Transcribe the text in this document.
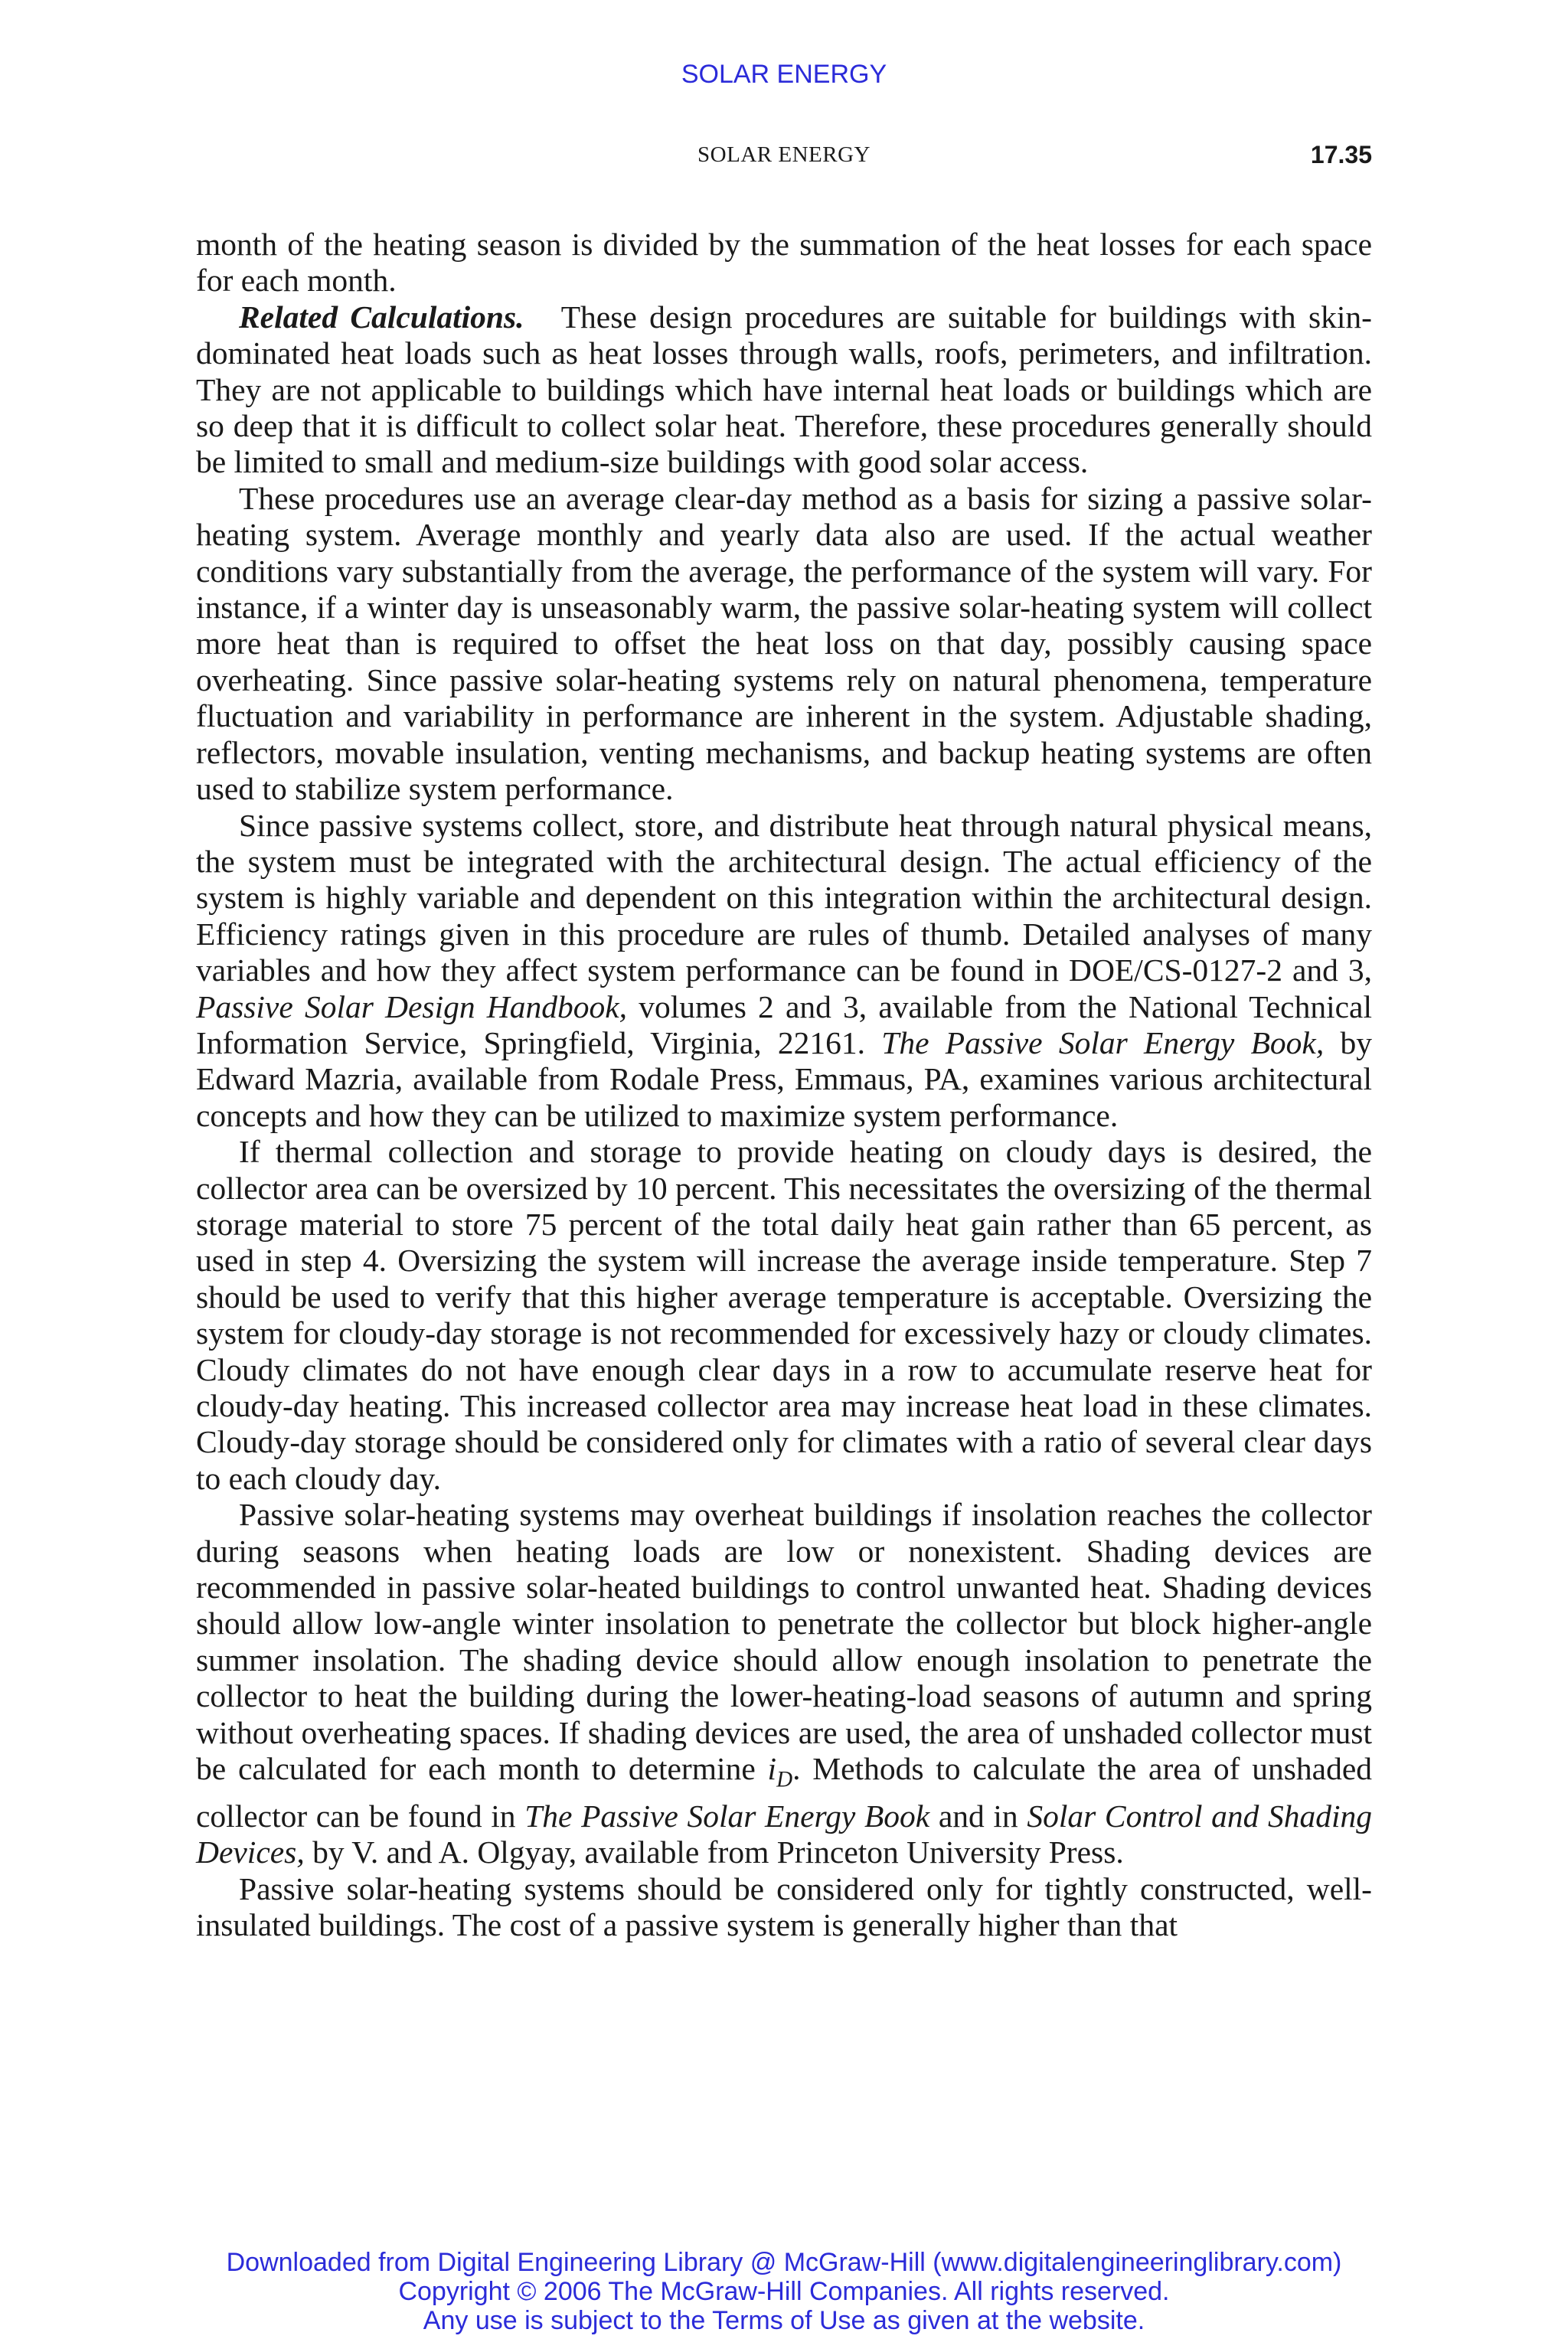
SOLAR ENERGY
SOLAR ENERGY	17.35

month of the heating season is divided by the summation of the heat losses for each space for each month.

Related Calculations. These design procedures are suitable for buildings with skin-dominated heat loads such as heat losses through walls, roofs, perimeters, and infiltration. They are not applicable to buildings which have internal heat loads or buildings which are so deep that it is difficult to collect solar heat. Therefore, these procedures generally should be limited to small and medium-size buildings with good solar access.

These procedures use an average clear-day method as a basis for sizing a passive solar-heating system. Average monthly and yearly data also are used. If the actual weather conditions vary substantially from the average, the performance of the system will vary. For instance, if a winter day is unseasonably warm, the passive solar-heating system will collect more heat than is required to offset the heat loss on that day, possibly causing space overheating. Since passive solar-heating systems rely on natural phenomena, temperature fluctuation and variability in performance are inherent in the system. Adjustable shading, reflectors, movable insulation, venting mechanisms, and backup heating systems are often used to stabilize system performance.

Since passive systems collect, store, and distribute heat through natural physical means, the system must be integrated with the architectural design. The actual efficiency of the system is highly variable and dependent on this integration within the architectural design. Efficiency ratings given in this procedure are rules of thumb. Detailed analyses of many variables and how they affect system performance can be found in DOE/CS-0127-2 and 3, Passive Solar Design Handbook, volumes 2 and 3, available from the National Technical Information Service, Springfield, Virginia, 22161. The Passive Solar Energy Book, by Edward Mazria, available from Rodale Press, Emmaus, PA, examines various architectural concepts and how they can be utilized to maximize system performance.

If thermal collection and storage to provide heating on cloudy days is desired, the collector area can be oversized by 10 percent. This necessitates the oversizing of the thermal storage material to store 75 percent of the total daily heat gain rather than 65 percent, as used in step 4. Oversizing the system will increase the average inside temperature. Step 7 should be used to verify that this higher average temperature is acceptable. Oversizing the system for cloudy-day storage is not recommended for excessively hazy or cloudy climates. Cloudy climates do not have enough clear days in a row to accumulate reserve heat for cloudy-day heating. This increased collector area may increase heat load in these climates. Cloudy-day storage should be considered only for climates with a ratio of several clear days to each cloudy day.

Passive solar-heating systems may overheat buildings if insolation reaches the collector during seasons when heating loads are low or nonexistent. Shading devices are recommended in passive solar-heated buildings to control unwanted heat. Shading devices should allow low-angle winter insolation to penetrate the collector but block higher-angle summer insolation. The shading device should allow enough insolation to penetrate the collector to heat the building during the lower-heating-load seasons of autumn and spring without overheating spaces. If shading devices are used, the area of unshaded collector must be calculated for each month to determine $i_D$. Methods to calculate the area of unshaded collector can be found in The Passive Solar Energy Book and in Solar Control and Shading Devices, by V. and A. Olgyay, available from Princeton University Press.

Passive solar-heating systems should be considered only for tightly constructed, well-insulated buildings. The cost of a passive system is generally higher than that

Downloaded from Digital Engineering Library @ McGraw-Hill (www.digitalengineeringlibrary.com)
Copyright © 2006 The McGraw-Hill Companies. All rights reserved.
Any use is subject to the Terms of Use as given at the website.
